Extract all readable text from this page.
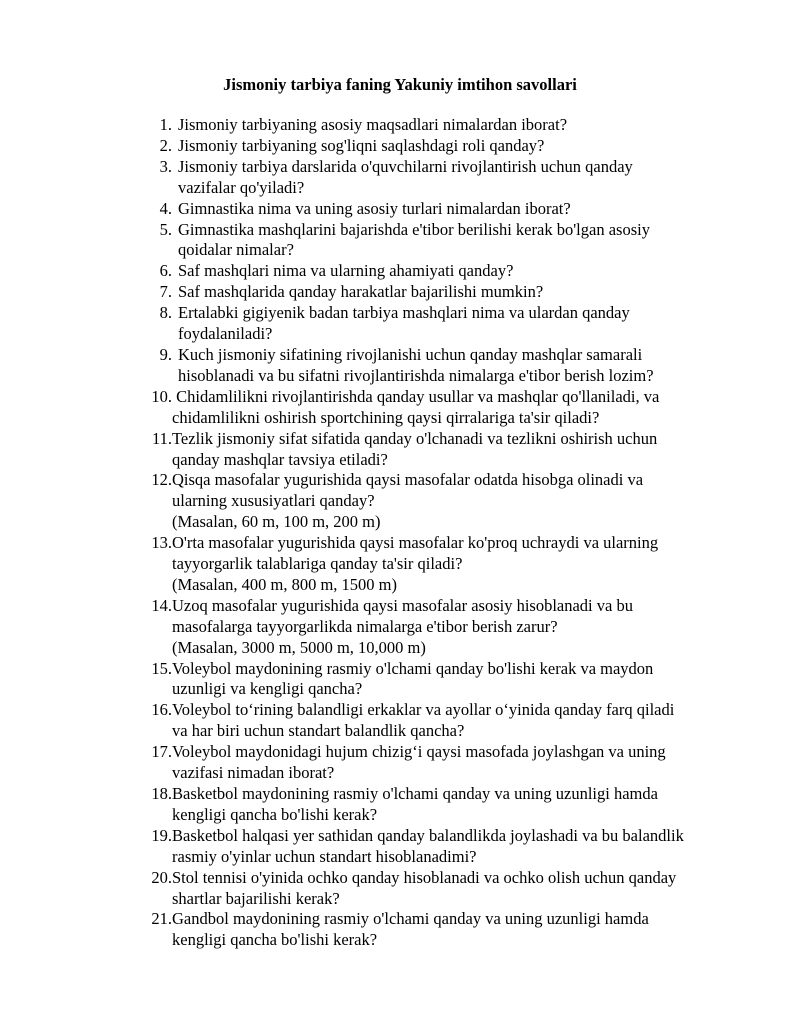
Jismoniy tarbiya faning Yakuniy imtihon savollari
1. Jismoniy tarbiyaning asosiy maqsadlari nimalardan iborat?
2. Jismoniy tarbiyaning sog'liqni saqlashdagi roli qanday?
3. Jismoniy tarbiya darslarida o'quvchilarni rivojlantirish uchun qanday
vazifalar qo'yiladi?
4. Gimnastika nima va uning asosiy turlari nimalardan iborat?
5. Gimnastika mashqlarini bajarishda e'tibor berilishi kerak bo'lgan asosiy
qoidalar nimalar?
6. Saf mashqlari nima va ularning ahamiyati qanday?
7. Saf mashqlarida qanday harakatlar bajarilishi mumkin?
8. Ertalabki gigiyenik badan tarbiya mashqlari nima va ulardan qanday
foydalaniladi?
9. Kuch jismoniy sifatining rivojlanishi uchun qanday mashqlar samarali
hisoblanadi va bu sifatni rivojlantirishda nimalarga e'tibor berish lozim?
10. Chidamlilikni rivojlantirishda qanday usullar va mashqlar qo'llaniladi, va
chidamlilikni oshirish sportchining qaysi qirralariga ta'sir qiladi?
11. Tezlik jismoniy sifat sifatida qanday o'lchanadi va tezlikni oshirish uchun
qanday mashqlar tavsiya etiladi?
12. Qisqa masofalar yugurishida qaysi masofalar odatda hisobga olinadi va
ularning xususiyatlari qanday?
(Masalan, 60 m, 100 m, 200 m)
13. O'rta masofalar yugurishida qaysi masofalar ko'proq uchraydi va ularning
tayyorgarlik talablariga qanday ta'sir qiladi?
(Masalan, 400 m, 800 m, 1500 m)
14. Uzoq masofalar yugurishida qaysi masofalar asosiy hisoblanadi va bu
masofalarga tayyorgarlikda nimalarga e'tibor berish zarur?
(Masalan, 3000 m, 5000 m, 10,000 m)
15. Voleybol maydonining rasmiy o'lchami qanday bo'lishi kerak va maydon
uzunligi va kengligi qancha?
16. Voleybol to‘rining balandligi erkaklar va ayollar o‘yinida qanday farq qiladi
va har biri uchun standart balandlik qancha?
17. Voleybol maydonidagi hujum chizig‘i qaysi masofada joylashgan va uning
vazifasi nimadan iborat?
18. Basketbol maydonining rasmiy o'lchami qanday va uning uzunligi hamda
kengligi qancha bo'lishi kerak?
19. Basketbol halqasi yer sathidan qanday balandlikda joylashadi va bu balandlik
rasmiy o'yinlar uchun standart hisoblanadimi?
20. Stol tennisi o'yinida ochko qanday hisoblanadi va ochko olish uchun qanday
shartlar bajarilishi kerak?
21. Gandbol maydonining rasmiy o'lchami qanday va uning uzunligi hamda
kengligi qancha bo'lishi kerak?
